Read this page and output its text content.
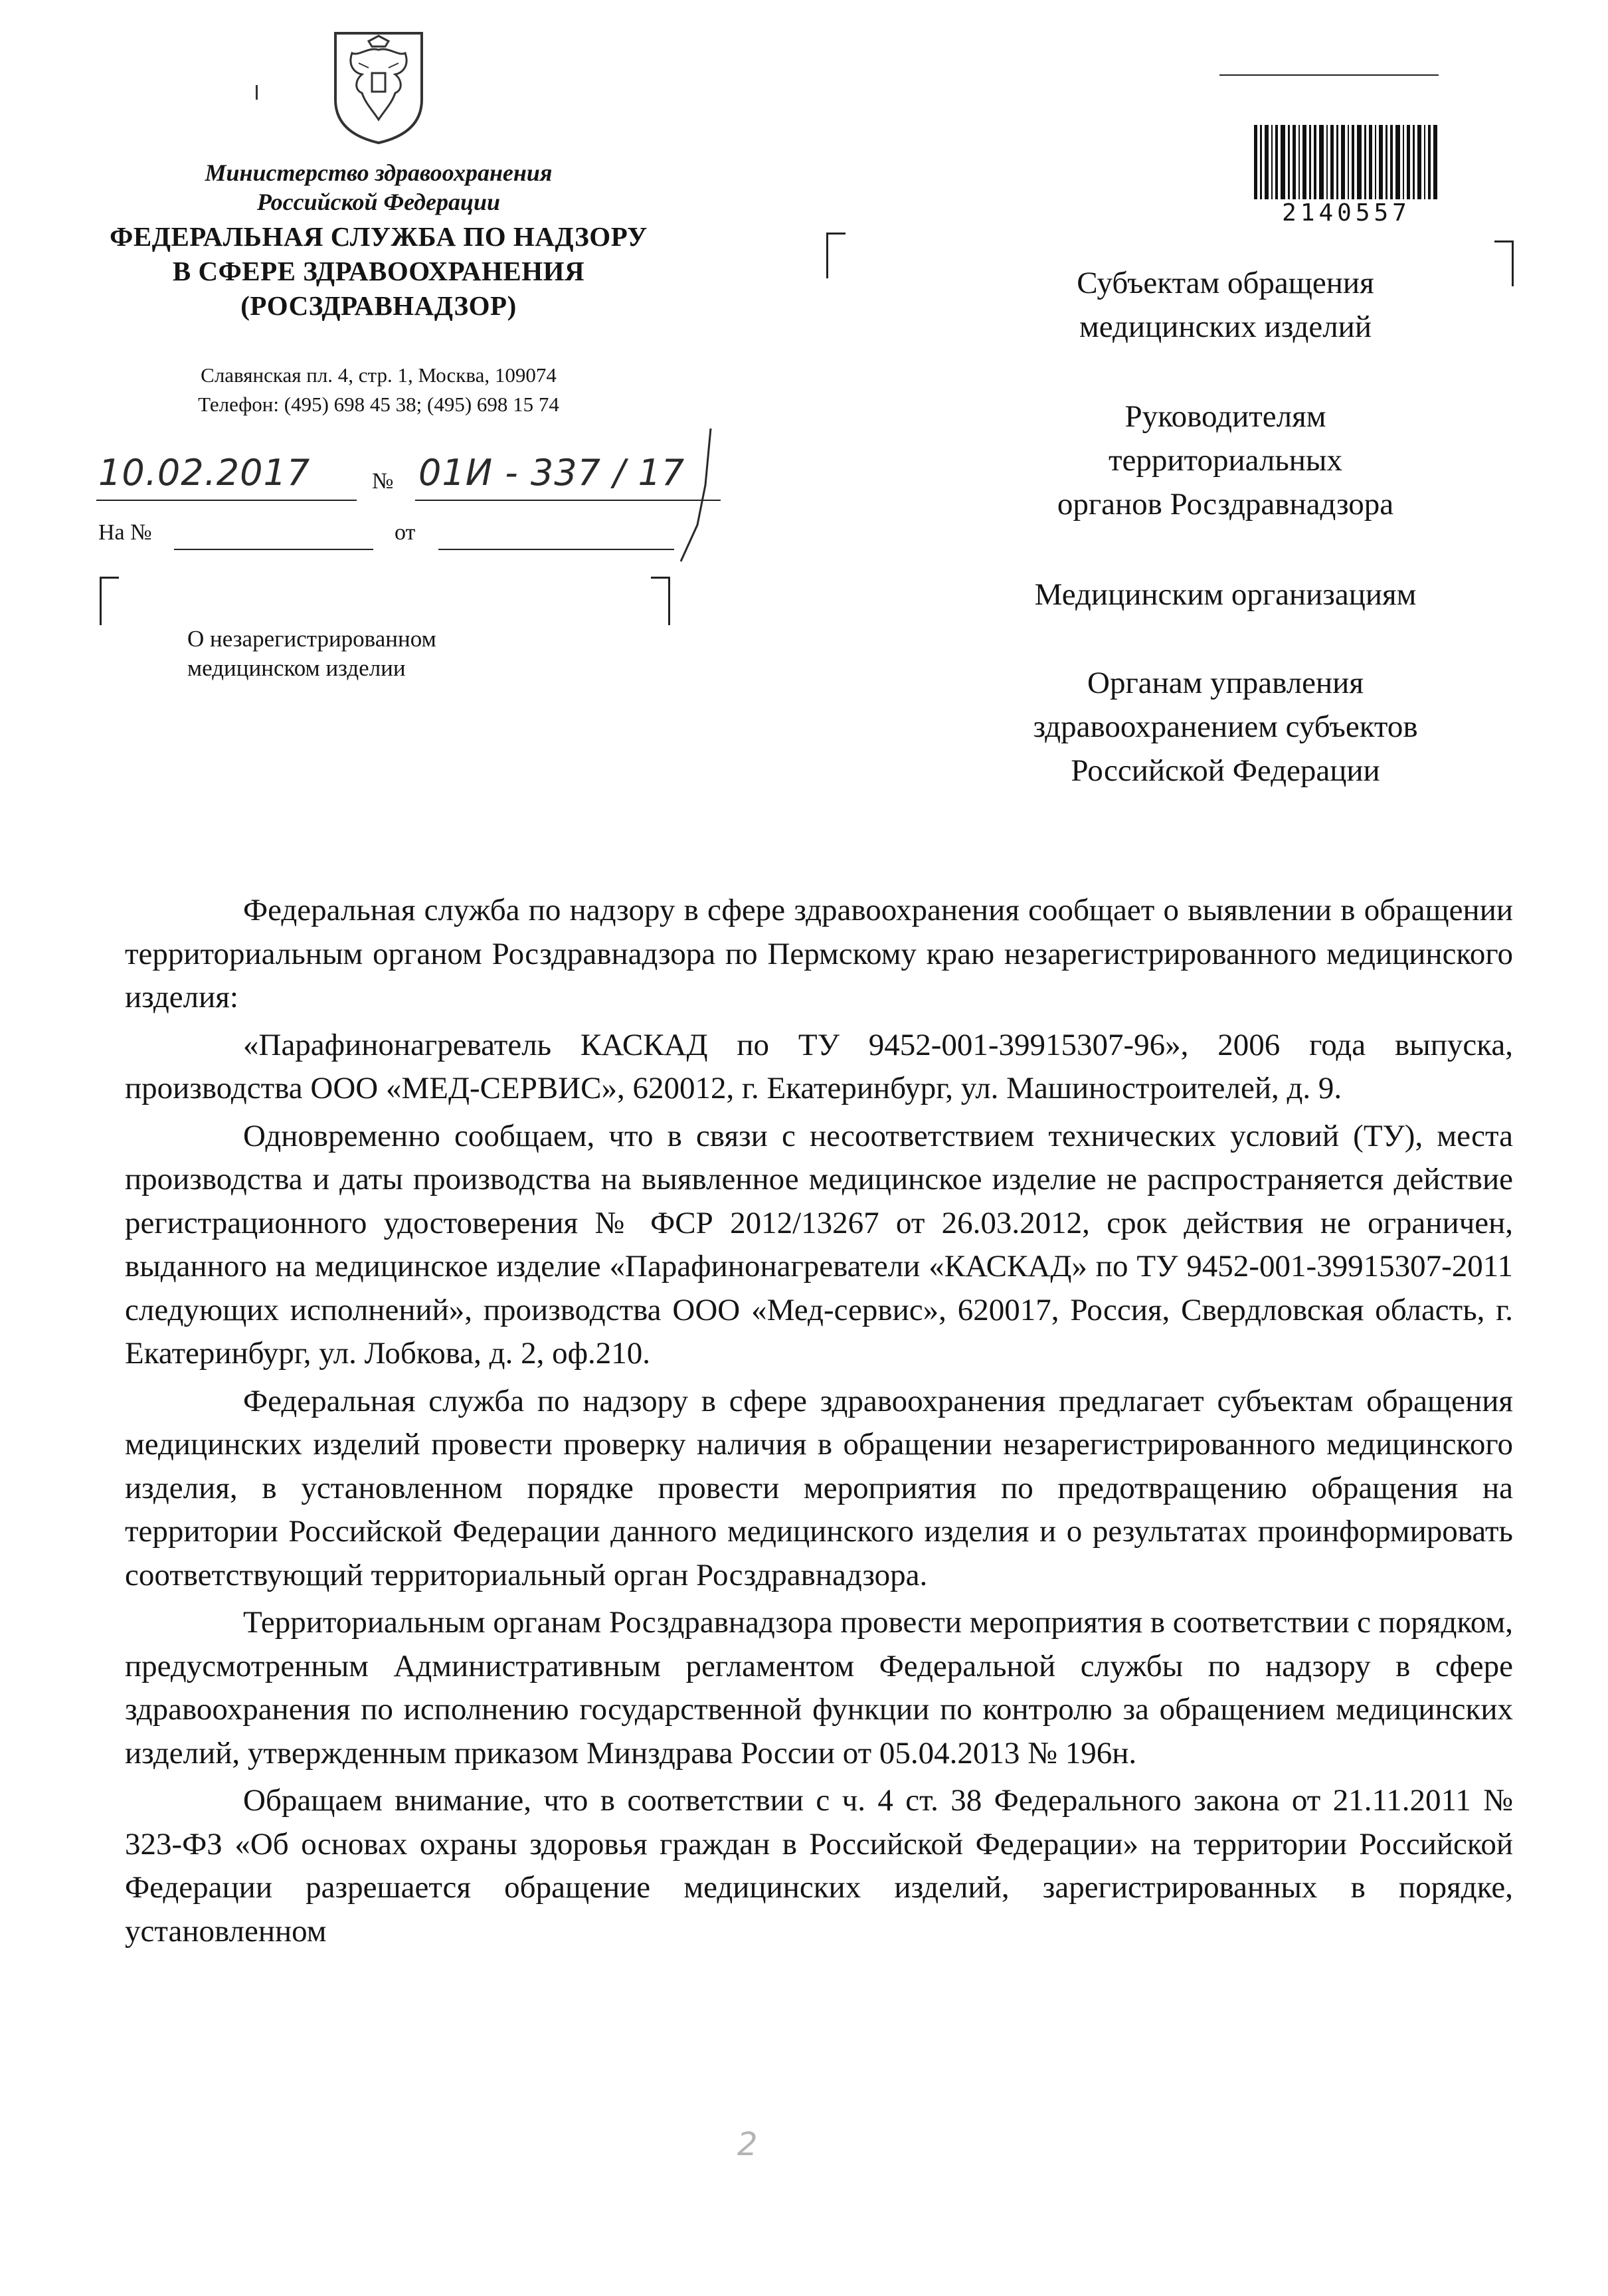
Министерство здравоохранения
Российской Федерации
ФЕДЕРАЛЬНАЯ СЛУЖБА ПО НАДЗОРУ
В СФЕРЕ ЗДРАВООХРАНЕНИЯ
(РОСЗДРАВНАДЗОР)
Славянская пл. 4, стр. 1, Москва, 109074
Телефон: (495) 698 45 38; (495) 698 15 74
10.02.2017	№ 01И - 337 / 17
На №	от
О незарегистрированном
медицинском изделии
2140557
Субъектам обращения
медицинских изделий
Руководителям
территориальных
органов Росздравнадзора
Медицинским организациям
Органам управления
здравоохранением субъектов
Российской Федерации

Федеральная служба по надзору в сфере здравоохранения сообщает о выявлении в обращении территориальным органом Росздравнадзора по Пермскому краю незарегистрированного медицинского изделия:

«Парафинонагреватель КАСКАД по ТУ 9452-001-39915307-96», 2006 года выпуска, производства ООО «МЕД-СЕРВИС», 620012, г. Екатеринбург, ул. Машиностроителей, д. 9.

Одновременно сообщаем, что в связи с несоответствием технических условий (ТУ), места производства и даты производства на выявленное медицинское изделие не распространяется действие регистрационного удостоверения № ФСР 2012/13267 от 26.03.2012, срок действия не ограничен, выданного на медицинское изделие «Парафинонагреватели «КАСКАД» по ТУ 9452-001-39915307-2011 следующих исполнений», производства ООО «Мед-сервис», 620017, Россия, Свердловская область, г. Екатеринбург, ул. Лобкова, д. 2, оф.210.

Федеральная служба по надзору в сфере здравоохранения предлагает субъектам обращения медицинских изделий провести проверку наличия в обращении незарегистрированного медицинского изделия, в установленном порядке провести мероприятия по предотвращению обращения на территории Российской Федерации данного медицинского изделия и о результатах проинформировать соответствующий территориальный орган Росздравнадзора.

Территориальным органам Росздравнадзора провести мероприятия в соответствии с порядком, предусмотренным Административным регламентом Федеральной службы по надзору в сфере здравоохранения по исполнению государственной функции по контролю за обращением медицинских изделий, утвержденным приказом Минздрава России от 05.04.2013 № 196н.

Обращаем внимание, что в соответствии с ч. 4 ст. 38 Федерального закона от 21.11.2011 № 323-ФЗ «Об основах охраны здоровья граждан в Российской Федерации» на территории Российской Федерации разрешается обращение медицинских изделий, зарегистрированных в порядке, установленном

2
